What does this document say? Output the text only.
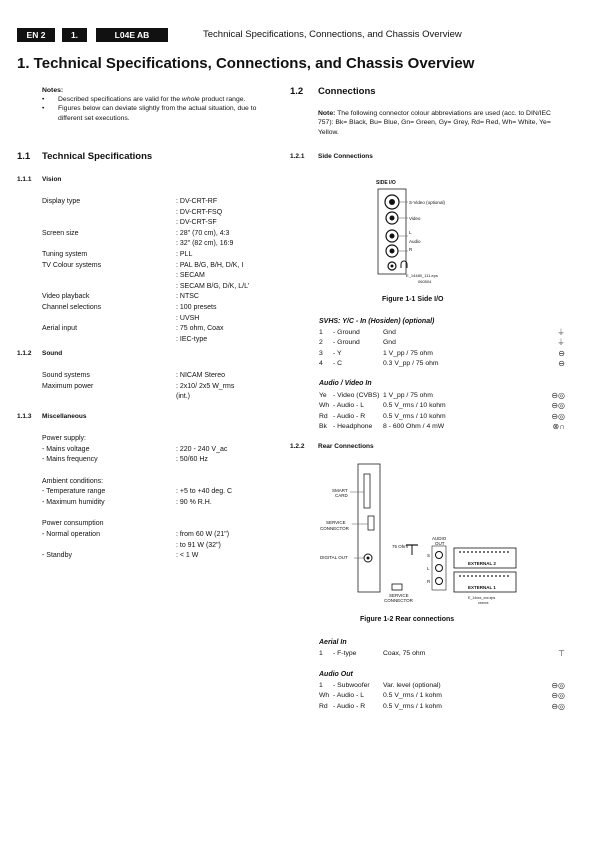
EN 2	1.	L04E AB	Technical Specifications, Connections, and Chassis Overview
1. Technical Specifications, Connections, and Chassis Overview
Notes:
• Described specifications are valid for the whole product range.
• Figures below can deviate slightly from the actual situation, due to different set executions.
1.1 Technical Specifications
1.1.1 Vision
Display type	: DV-CRT-RF
: DV-CRT-FSQ
: DV-CRT-SF
Screen size	: 28" (70 cm), 4:3
: 32" (82 cm), 16:9
Tuning system	: PLL
TV Colour systems	: PAL B/G, B/H, D/K, I
: SECAM
: SECAM B/G, D/K, L/L'
Video playback	: NTSC
Channel selections	: 100 presets
: UVSH
Aerial input	: 75 ohm, Coax
: IEC-type
1.1.2 Sound
Sound systems	: NICAM Stereo
Maximum power	: 2x10/ 2x5 W_rms
(int.)
1.1.3 Miscellaneous
Power supply:
- Mains voltage	: 220 - 240 V_ac
- Mains frequency	: 50/60 Hz
Ambient conditions:
- Temperature range	: +5 to +40 deg. C
- Maximum humidity	: 90 % R.H.
Power consumption
- Normal operation	: from 60 W (21")
: to 91 W (32")
- Standby	: < 1 W
1.2 Connections
Note: The following connector colour abbreviations are used (acc. to DIN/IEC 757): Bk= Black, Bu= Blue, Gn= Green, Gy= Grey, Rd= Red, Wh= White, Ye= Yellow.
1.2.1 Side Connections
SIDE I/O
S-Video (optional)
Video
L
Audio
R
E_14480_111.eps
060504
Figure 1-1 Side I/O
SVHS: Y/C - In (Hosiden) (optional)
1 - Ground	Gnd	⏚
2 - Ground	Gnd	⏚
3 - Y	1 V_pp / 75 ohm	⊖
4 - C	0.3 V_pp / 75 ohm	⊖
Audio / Video In
Ye - Video (CVBS) 1 V_pp / 75 ohm	⊖◎
Wh - Audio - L	0.5 V_rms / 10 kohm	⊖◎
Rd - Audio - R	0.5 V_rms / 10 kohm	⊖◎
Bk - Headphone 8 - 600 Ohm / 4 mW	⊗∩
1.2.2 Rear Connections
SMART
CARD
SERVICE
CONNECTOR
DIGITAL OUT
75 Ohm
AUDIO
OUT
S
L
R
EXTERNAL 2
EXTERNAL 1
SERVICE
CONNECTOR	E_14xxx_xxx.eps
xxxxxx
Figure 1-2 Rear connections
Aerial In
1 - F-type	Coax, 75 ohm	⊤
Audio Out
1 - Subwoofer Var. level (optional)	⊖◎
Wh - Audio - L	0.5 V_rms / 1 kohm	⊖◎
Rd - Audio - R	0.5 V_rms / 1 kohm	⊖◎
